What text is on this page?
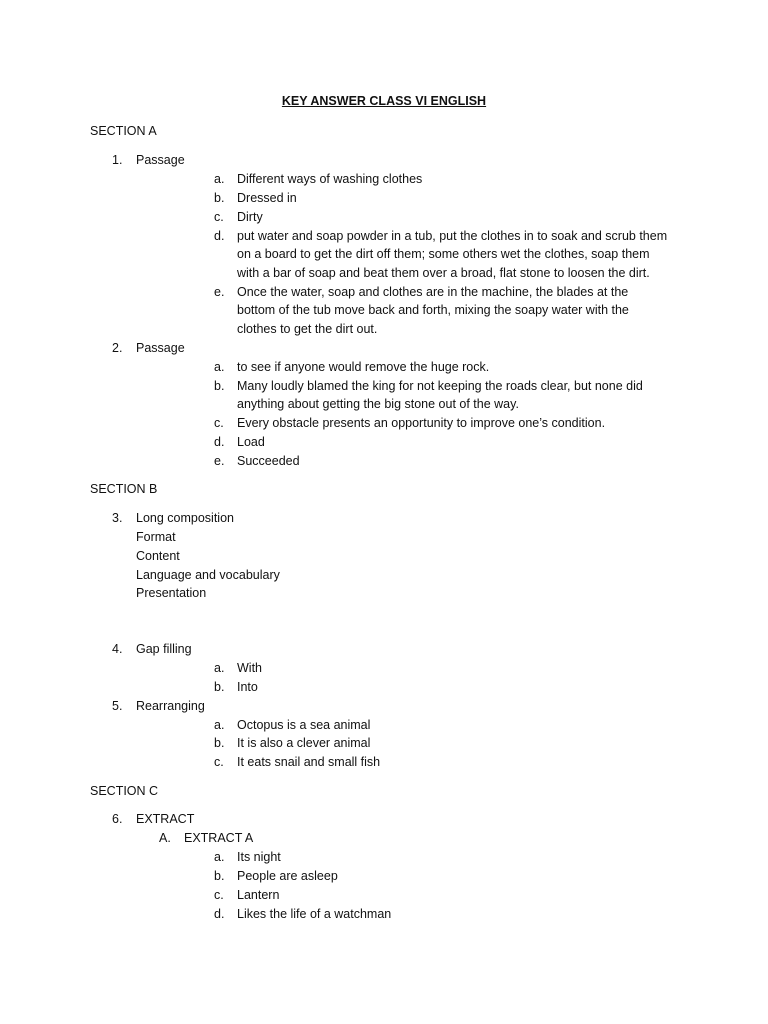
KEY ANSWER CLASS VI ENGLISH
SECTION A
1. Passage
a. Different ways of washing clothes
b. Dressed in
c. Dirty
d. put water and soap powder in a tub, put the clothes in to soak and scrub them
on a board to get the dirt off them; some others wet the clothes, soap them
with a bar of soap and beat them over a broad, flat stone to loosen the dirt.
e. Once the water, soap and clothes are in the machine, the blades at the
bottom of the tub move back and forth, mixing the soapy water with the
clothes to get the dirt out.
2. Passage
a. to see if anyone would remove the huge rock.
b. Many loudly blamed the king for not keeping the roads clear, but none did
anything about getting the big stone out of the way.
c. Every obstacle presents an opportunity to improve one’s condition.
d. Load
e. Succeeded
SECTION B
3. Long composition
Format
Content
Language and vocabulary
Presentation
4. Gap filling
a. With
b. Into
5. Rearranging
a. Octopus is a sea animal
b. It is also a clever animal
c. It eats snail and small fish
SECTION C
6. EXTRACT
A. EXTRACT A
a. Its night
b. People are asleep
c. Lantern
d. Likes the life of a watchman
